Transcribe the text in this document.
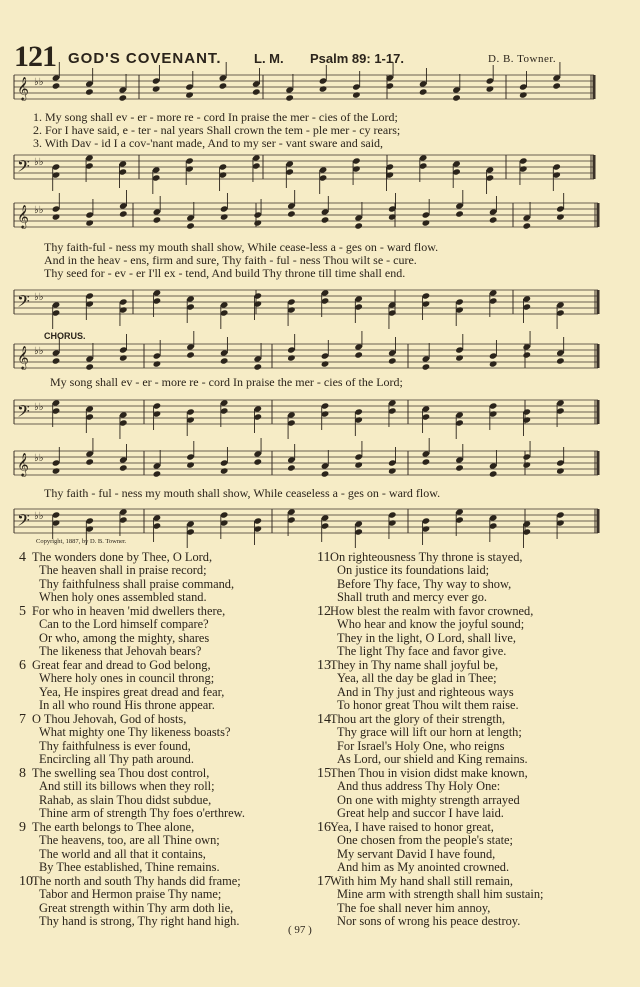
121 GOD'S COVENANT. L. M. Psalm 89: 1-17.	D. B. Towner.
𝄞 ♭♭
𝄢 ♭♭
𝄞 ♭♭
𝄢 ♭♭
𝄞 ♭♭
𝄢 ♭♭
𝄞 ♭♭
𝄢 ♭♭
1. My song shall ev - er - more re - cord In praise the mer - cies of the Lord;
2. For I have said, e - ter - nal years Shall crown the tem - ple mer - cy rears;
3. With Dav - id I a cov-'nant made, And to my ser - vant sware and said,
Thy faith-ful - ness my mouth shall show, While cease-less a - ges on - ward flow.
And in the heav - ens, firm and sure, Thy faith - ful - ness Thou wilt se - cure.
Thy seed for - ev - er I'll ex - tend, And build Thy throne till time shall end.
CHORUS.
My song shall ev - er - more re - cord In praise the mer - cies of the Lord;
Thy faith - ful - ness my mouth shall show, While ceaseless a - ges on - ward flow.
Copyright, 1887, by D. B. Towner.
4 The wonders done by Thee, O Lord,
The heaven shall in praise record;
Thy faithfulness shall praise command,
When holy ones assembled stand.
5 For who in heaven 'mid dwellers there,
Can to the Lord himself compare?
Or who, among the mighty, shares
The likeness that Jehovah bears?
6 Great fear and dread to God belong,
Where holy ones in council throng;
Yea, He inspires great dread and fear,
In all who round His throne appear.
7 O Thou Jehovah, God of hosts,
What mighty one Thy likeness boasts?
Thy faithfulness is ever found,
Encircling all Thy path around.
8 The swelling sea Thou dost control,
And still its billows when they roll;
Rahab, as slain Thou didst subdue,
Thine arm of strength Thy foes o'erthrew.
9 The earth belongs to Thee alone,
The heavens, too, are all Thine own;
The world and all that it contains,
By Thee established, Thine remains.
10 The north and south Thy hands did frame;
Tabor and Hermon praise Thy name;
Great strength within Thy arm doth lie,
Thy hand is strong, Thy right hand high.
11 On righteousness Thy throne is stayed,
On justice its foundations laid;
Before Thy face, Thy way to show,
Shall truth and mercy ever go.
12 How blest the realm with favor crowned,
Who hear and know the joyful sound;
They in the light, O Lord, shall live,
The light Thy face and favor give.
13 They in Thy name shall joyful be,
Yea, all the day be glad in Thee;
And in Thy just and righteous ways
To honor great Thou wilt them raise.
14 Thou art the glory of their strength,
Thy grace will lift our horn at length;
For Israel's Holy One, who reigns
As Lord, our shield and King remains.
15 Then Thou in vision didst make known,
And thus address Thy Holy One:
On one with mighty strength arrayed
Great help and succor I have laid.
16 Yea, I have raised to honor great,
One chosen from the people's state;
My servant David I have found,
And him as My anointed crowned.
17 With him My hand shall still remain,
Mine arm with strength shall him sustain;
The foe shall never him annoy,
Nor sons of wrong his peace destroy.
( 97 )
